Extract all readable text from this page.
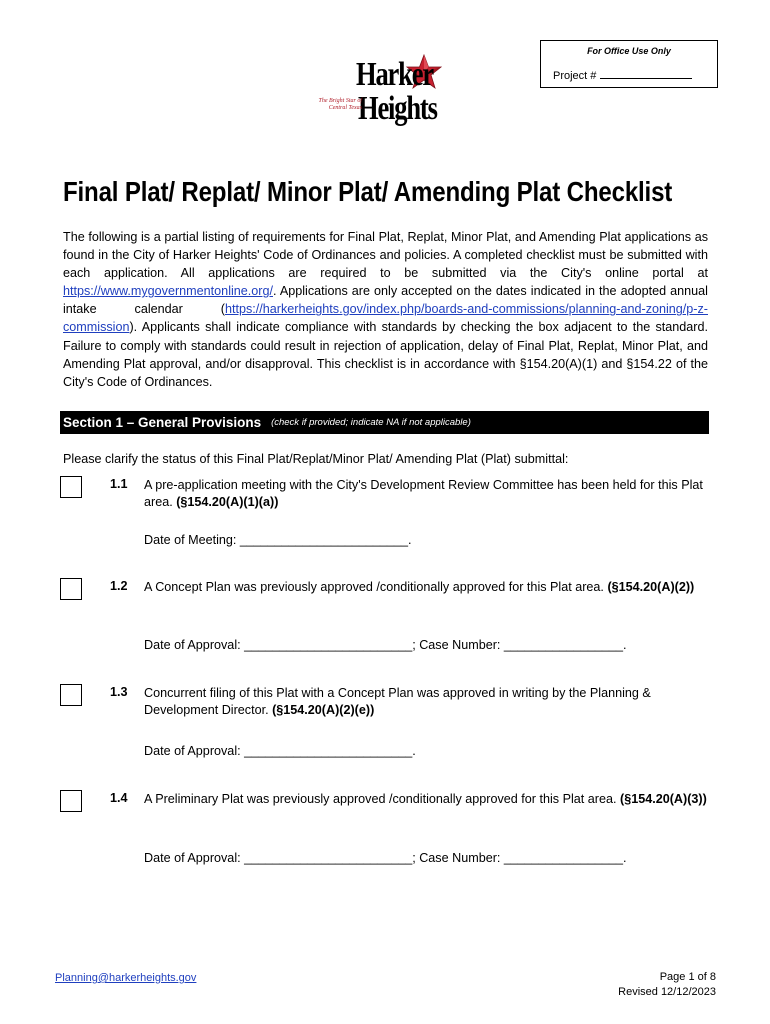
For Office Use Only
Project #
Harker
Heights
The Bright Star of Central Texas
Final Plat/ Replat/ Minor Plat/ Amending Plat Checklist
The following is a partial listing of requirements for Final Plat, Replat, Minor Plat, and Amending Plat applications as found in the City of Harker Heights' Code of Ordinances and policies. A completed checklist must be submitted with each application. All applications are required to be submitted via the City's online portal at https://www.mygovernmentonline.org/. Applications are only accepted on the dates indicated in the adopted annual intake calendar (https://harkerheights.gov/index.php/boards-and-commissions/planning-and-zoning/p-z-commission). Applicants shall indicate compliance with standards by checking the box adjacent to the standard. Failure to comply with standards could result in rejection of application, delay of Final Plat, Replat, Minor Plat, and Amending Plat approval, and/or disapproval. This checklist is in accordance with §154.20(A)(1) and §154.22 of the City's Code of Ordinances.
Section 1 – General Provisions (check if provided; indicate NA if not applicable)
Please clarify the status of this Final Plat/Replat/Minor Plat/ Amending Plat (Plat) submittal:
1.1 A pre-application meeting with the City's Development Review Committee has been held for this Plat area. (§154.20(A)(1)(a))
Date of Meeting: ________________________.
1.2 A Concept Plan was previously approved /conditionally approved for this Plat area. (§154.20(A)(2))
Date of Approval: ________________________; Case Number: _________________.
1.3 Concurrent filing of this Plat with a Concept Plan was approved in writing by the Planning & Development Director. (§154.20(A)(2)(e))
Date of Approval: ________________________.
1.4 A Preliminary Plat was previously approved /conditionally approved for this Plat area. (§154.20(A)(3))
Date of Approval: ________________________; Case Number: _________________.
Planning@harkerheights.gov	Page 1 of 8
Revised 12/12/2023
